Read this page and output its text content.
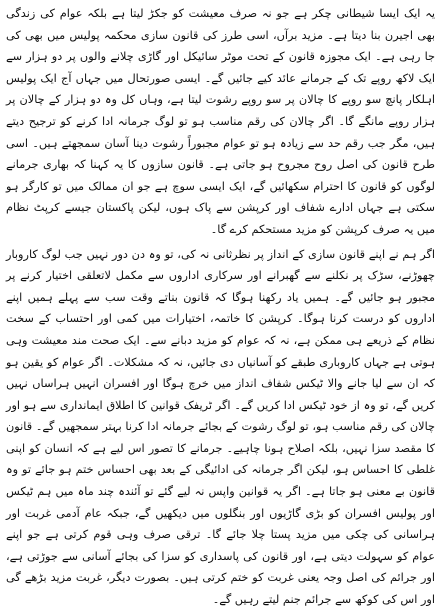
یہ ایک ایسا شیطانی چکر ہے جو نہ صرف معیشت کو جکڑ لیتا ہے بلکہ عوام کی زندگی بھی اجیرن بنا دیتا ہے۔ مزید برآں، اسی طرز کی قانون سازی محکمہ پولیس میں بھی کی جا رہی ہے۔ ایک مجوزہ قانون کے تحت موٹر سائیکل اور گاڑی چلانے والوں پر دو ہزار سے ایک لاکھ روپے تک کے جرمانے عائد کیے جائیں گے۔ ایسی صورتحال میں جہاں آج ایک پولیس اہلکار پانچ سو روپے کا چالان پر سو روپے رشوت لیتا ہے، وہاں کل وہ دو ہزار کے چالان پر ہزار روپے مانگے گا۔ اگر چالان کی رقم مناسب ہو تو لوگ جرمانہ ادا کرنے کو ترجیح دیتے ہیں، مگر جب رقم حد سے زیادہ ہو تو عوام مجبوراً رشوت دینا آسان سمجھتے ہیں۔ اسی طرح قانون کی اصل روح مجروح ہو جاتی ہے۔ قانون سازوں کا یہ کہنا کہ بھاری جرمانے لوگوں کو قانون کا احترام سکھائیں گے، ایک ایسی سوچ ہے جو ان ممالک میں تو کارگر ہو سکتی ہے جہاں ادارے شفاف اور کرپشن سے پاک ہوں، لیکن پاکستان جیسے کرپٹ نظام میں یہ صرف کرپشن کو مزید مستحکم کرے گا۔

اگر ہم نے اپنے قانون سازی کے انداز پر نظرثانی نہ کی، تو وہ دن دور نہیں جب لوگ کاروبار چھوڑنے، سڑک پر نکلنے سے گھبرانے اور سرکاری اداروں سے مکمل لاتعلقی اختیار کرنے پر مجبور ہو جائیں گے۔ ہمیں یاد رکھنا ہوگا کہ قانون بناتے وقت سب سے پہلے ہمیں اپنے اداروں کو درست کرنا ہوگا۔ کرپشن کا خاتمہ، اختیارات میں کمی اور احتساب کے سخت نظام کے ذریعے ہی ممکن ہے، نہ کہ عوام کو مزید دبانے سے۔ ایک صحت مند معیشت وہی ہوتی ہے جہاں کاروباری طبقے کو آسانیاں دی جائیں، نہ کہ مشکلات۔ اگر عوام کو یقین ہو کہ ان سے لیا جانے والا ٹیکس شفاف انداز میں خرچ ہوگا اور افسران انہیں ہراساں نہیں کریں گے، تو وہ از خود ٹیکس ادا کریں گے۔ اگر ٹریفک قوانین کا اطلاق ایمانداری سے ہو اور چالان کی رقم مناسب ہو، تو لوگ رشوت کے بجائے جرمانہ ادا کرنا بہتر سمجھیں گے۔ قانون کا مقصد سزا نہیں، بلکہ اصلاح ہونا چاہیے۔ جرمانے کا تصور اس لیے ہے کہ انسان کو اپنی غلطی کا احساس ہو، لیکن اگر جرمانہ کی ادائیگی کے بعد بھی احساس ختم ہو جائے تو وہ قانون بے معنی ہو جاتا ہے۔ اگر یہ قوانین واپس نہ لیے گئے تو آئندہ چند ماہ میں ہم ٹیکس اور پولیس افسران کو بڑی گاڑیوں اور بنگلوں میں دیکھیں گے، جبکہ عام آدمی غربت اور ہراسانی کی چکی میں مزید پستا چلا جائے گا۔ ترقی صرف وہی قوم کرتی ہے جو اپنے عوام کو سہولت دیتی ہے، اور قانون کی پاسداری کو سزا کی بجائے آسانی سے جوڑتی ہے، اور جرائم کی اصل وجہ یعنی غربت کو ختم کرتی ہیں۔ بصورت دیگر، غربت مزید بڑھے گی اور اس کی کوکھ سے جرائم جنم لیتے رہیں گے۔
